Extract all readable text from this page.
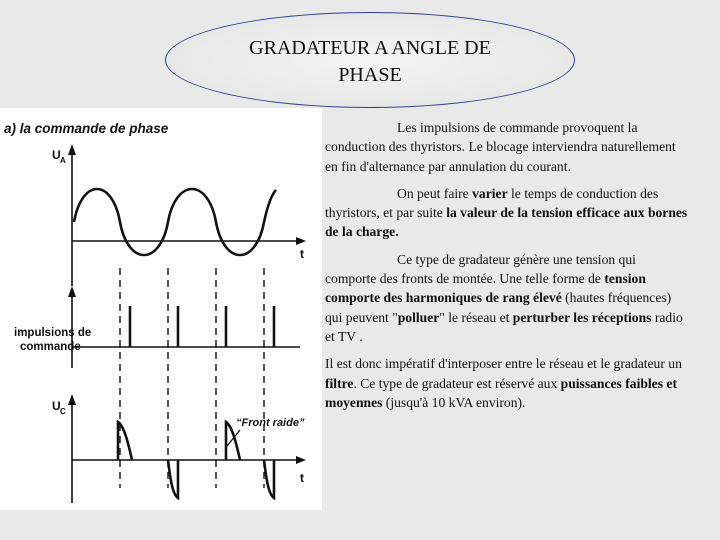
GRADATEUR A ANGLE DE
PHASE
a) la commande de phase
U A
t
impulsions de
commande
U C
t
“Front raide”

Les impulsions de commande provoquent la conduction des thyristors. Le blocage interviendra naturellement en fin d'alternance par annulation du courant.

On peut faire varier le temps de conduction des thyristors, et par suite la valeur de la tension efficace aux bornes de la charge.

Ce type de gradateur génère une tension qui comporte des fronts de montée. Une telle forme de tension comporte des harmoniques de rang élevé (hautes fréquences) qui peuvent "polluer" le réseau et perturber les réceptions radio et TV .

Il est donc impératif d'interposer entre le réseau et le gradateur un filtre. Ce type de gradateur est réservé aux puissances faibles et moyennes (jusqu'à 10 kVA environ).
